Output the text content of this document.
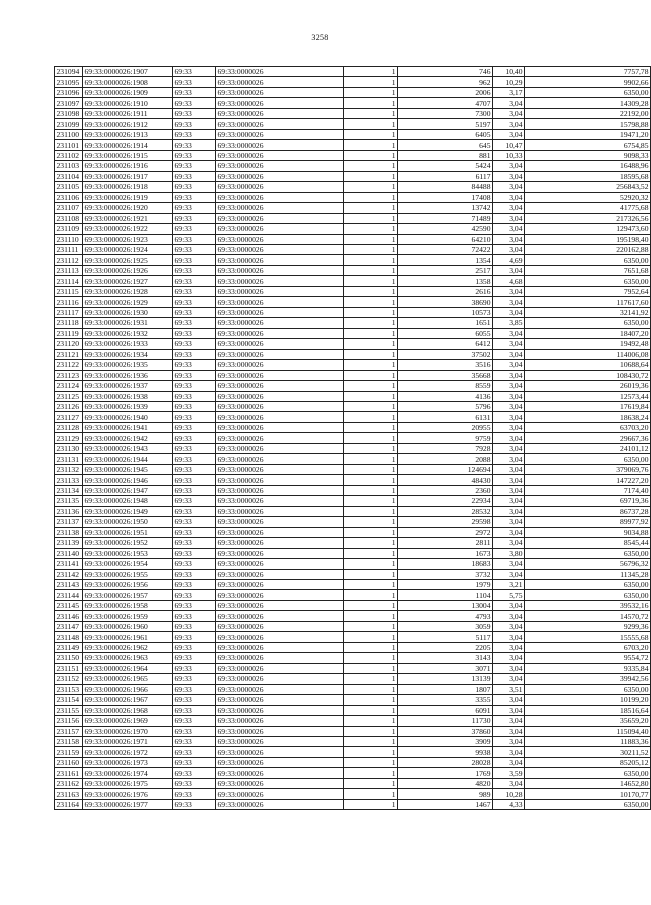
3258
231094	69:33:0000026:1907	69:33	69:33:0000026	1	746	10,40	7757,78
231095	69:33:0000026:1908	69:33	69:33:0000026	1	962	10,29	9902,66
231096	69:33:0000026:1909	69:33	69:33:0000026	1	2006	3,17	6350,00
231097	69:33:0000026:1910	69:33	69:33:0000026	1	4707	3,04	14309,28
231098	69:33:0000026:1911	69:33	69:33:0000026	1	7300	3,04	22192,00
231099	69:33:0000026:1912	69:33	69:33:0000026	1	5197	3,04	15798,88
231100	69:33:0000026:1913	69:33	69:33:0000026	1	6405	3,04	19471,20
231101	69:33:0000026:1914	69:33	69:33:0000026	1	645	10,47	6754,85
231102	69:33:0000026:1915	69:33	69:33:0000026	1	881	10,33	9098,33
231103	69:33:0000026:1916	69:33	69:33:0000026	1	5424	3,04	16488,96
231104	69:33:0000026:1917	69:33	69:33:0000026	1	6117	3,04	18595,68
231105	69:33:0000026:1918	69:33	69:33:0000026	1	84488	3,04	256843,52
231106	69:33:0000026:1919	69:33	69:33:0000026	1	17408	3,04	52920,32
231107	69:33:0000026:1920	69:33	69:33:0000026	1	13742	3,04	41775,68
231108	69:33:0000026:1921	69:33	69:33:0000026	1	71489	3,04	217326,56
231109	69:33:0000026:1922	69:33	69:33:0000026	1	42590	3,04	129473,60
231110	69:33:0000026:1923	69:33	69:33:0000026	1	64210	3,04	195198,40
231111	69:33:0000026:1924	69:33	69:33:0000026	1	72422	3,04	220162,88
231112	69:33:0000026:1925	69:33	69:33:0000026	1	1354	4,69	6350,00
231113	69:33:0000026:1926	69:33	69:33:0000026	1	2517	3,04	7651,68
231114	69:33:0000026:1927	69:33	69:33:0000026	1	1358	4,68	6350,00
231115	69:33:0000026:1928	69:33	69:33:0000026	1	2616	3,04	7952,64
231116	69:33:0000026:1929	69:33	69:33:0000026	1	38690	3,04	117617,60
231117	69:33:0000026:1930	69:33	69:33:0000026	1	10573	3,04	32141,92
231118	69:33:0000026:1931	69:33	69:33:0000026	1	1651	3,85	6350,00
231119	69:33:0000026:1932	69:33	69:33:0000026	1	6055	3,04	18407,20
231120	69:33:0000026:1933	69:33	69:33:0000026	1	6412	3,04	19492,48
231121	69:33:0000026:1934	69:33	69:33:0000026	1	37502	3,04	114006,08
231122	69:33:0000026:1935	69:33	69:33:0000026	1	3516	3,04	10688,64
231123	69:33:0000026:1936	69:33	69:33:0000026	1	35668	3,04	108430,72
231124	69:33:0000026:1937	69:33	69:33:0000026	1	8559	3,04	26019,36
231125	69:33:0000026:1938	69:33	69:33:0000026	1	4136	3,04	12573,44
231126	69:33:0000026:1939	69:33	69:33:0000026	1	5796	3,04	17619,84
231127	69:33:0000026:1940	69:33	69:33:0000026	1	6131	3,04	18638,24
231128	69:33:0000026:1941	69:33	69:33:0000026	1	20955	3,04	63703,20
231129	69:33:0000026:1942	69:33	69:33:0000026	1	9759	3,04	29667,36
231130	69:33:0000026:1943	69:33	69:33:0000026	1	7928	3,04	24101,12
231131	69:33:0000026:1944	69:33	69:33:0000026	1	2088	3,04	6350,00
231132	69:33:0000026:1945	69:33	69:33:0000026	1	124694	3,04	379069,76
231133	69:33:0000026:1946	69:33	69:33:0000026	1	48430	3,04	147227,20
231134	69:33:0000026:1947	69:33	69:33:0000026	1	2360	3,04	7174,40
231135	69:33:0000026:1948	69:33	69:33:0000026	1	22934	3,04	69719,36
231136	69:33:0000026:1949	69:33	69:33:0000026	1	28532	3,04	86737,28
231137	69:33:0000026:1950	69:33	69:33:0000026	1	29598	3,04	89977,92
231138	69:33:0000026:1951	69:33	69:33:0000026	1	2972	3,04	9034,88
231139	69:33:0000026:1952	69:33	69:33:0000026	1	2811	3,04	8545,44
231140	69:33:0000026:1953	69:33	69:33:0000026	1	1673	3,80	6350,00
231141	69:33:0000026:1954	69:33	69:33:0000026	1	18683	3,04	56796,32
231142	69:33:0000026:1955	69:33	69:33:0000026	1	3732	3,04	11345,28
231143	69:33:0000026:1956	69:33	69:33:0000026	1	1979	3,21	6350,00
231144	69:33:0000026:1957	69:33	69:33:0000026	1	1104	5,75	6350,00
231145	69:33:0000026:1958	69:33	69:33:0000026	1	13004	3,04	39532,16
231146	69:33:0000026:1959	69:33	69:33:0000026	1	4793	3,04	14570,72
231147	69:33:0000026:1960	69:33	69:33:0000026	1	3059	3,04	9299,36
231148	69:33:0000026:1961	69:33	69:33:0000026	1	5117	3,04	15555,68
231149	69:33:0000026:1962	69:33	69:33:0000026	1	2205	3,04	6703,20
231150	69:33:0000026:1963	69:33	69:33:0000026	1	3143	3,04	9554,72
231151	69:33:0000026:1964	69:33	69:33:0000026	1	3071	3,04	9335,84
231152	69:33:0000026:1965	69:33	69:33:0000026	1	13139	3,04	39942,56
231153	69:33:0000026:1966	69:33	69:33:0000026	1	1807	3,51	6350,00
231154	69:33:0000026:1967	69:33	69:33:0000026	1	3355	3,04	10199,20
231155	69:33:0000026:1968	69:33	69:33:0000026	1	6091	3,04	18516,64
231156	69:33:0000026:1969	69:33	69:33:0000026	1	11730	3,04	35659,20
231157	69:33:0000026:1970	69:33	69:33:0000026	1	37860	3,04	115094,40
231158	69:33:0000026:1971	69:33	69:33:0000026	1	3909	3,04	11883,36
231159	69:33:0000026:1972	69:33	69:33:0000026	1	9938	3,04	30211,52
231160	69:33:0000026:1973	69:33	69:33:0000026	1	28028	3,04	85205,12
231161	69:33:0000026:1974	69:33	69:33:0000026	1	1769	3,59	6350,00
231162	69:33:0000026:1975	69:33	69:33:0000026	1	4820	3,04	14652,80
231163	69:33:0000026:1976	69:33	69:33:0000026	1	989	10,28	10170,77
231164	69:33:0000026:1977	69:33	69:33:0000026	1	1467	4,33	6350,00
